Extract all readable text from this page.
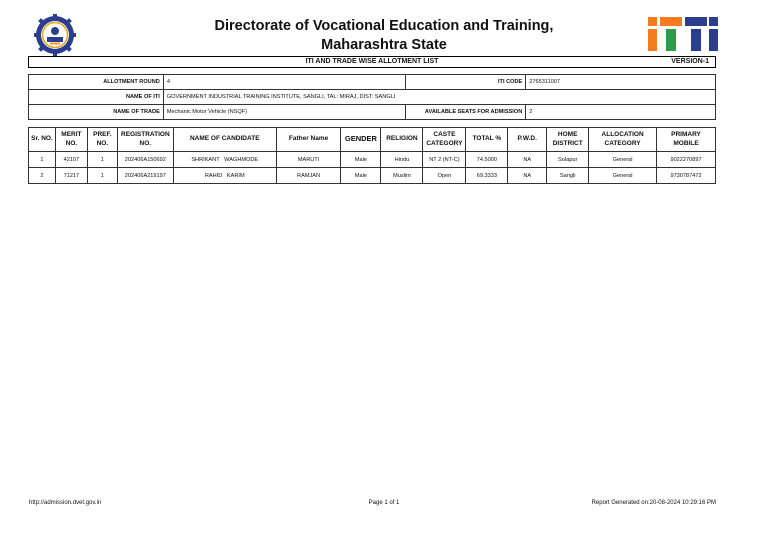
Directorate of Vocational Education and Training,
Maharashtra State
ITI AND TRADE WISE ALLOTMENT LIST	VERSION-1
ALLOTMENT ROUND	4	ITI CODE	2765311007
NAME OF ITI	GOVERNMENT INDUSTRIAL TRAINING INSTITUTE, SANGLI, TAL: MIRAJ, DIST: SANGLI		
NAME OF TRADE	Mechanic Motor Vehicle (NSQF)	AVAILABLE SEATS FOR ADMISSION	2
Sr. NO.	MERIT NO.	PREF. NO.	REGISTRATION NO.	NAME OF CANDIDATE	Father Name	GENDER	RELIGION	CASTE CATEGORY	TOTAL %	P.W.D.	HOME DISTRICT	ALLOCATION CATEGORY	PRIMARY MOBILE
1	42107	1	202406A150692	SHRIKANT   WAGHMODE	MARUTI	Male	Hindu	NT 2 (NT-C)	74.5000	NA	Solapur	General	9022270897
2	71217	1	202406A219197	RAHID   KARIM	RAMJAN	Male	Muslim	Open	69.3333	NA	Sangli	General	9730787472
http://admission.dvet.gov.in	Page 1 of 1	Report Generated on:20-08-2024 10:29:16 PM
